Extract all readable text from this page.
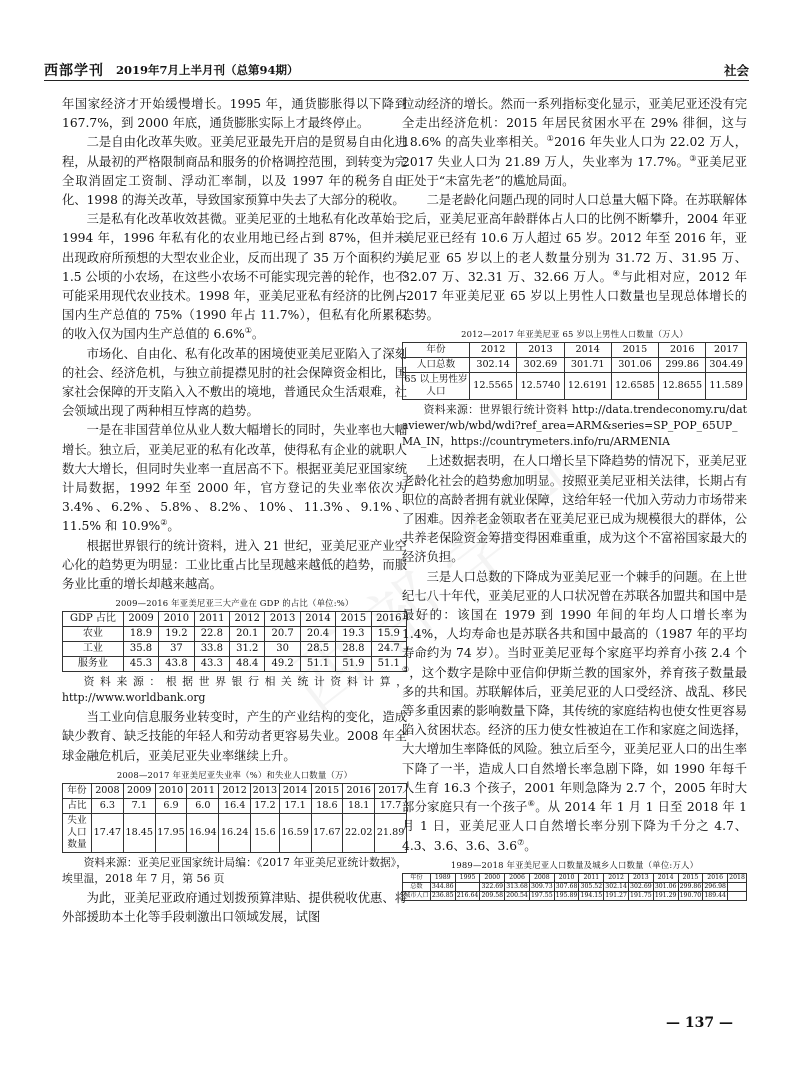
西部学刊 2019年7月上半月刊（总第94期）	社会

年国家经济才开始缓慢增长。1995 年，通货膨胀得以下降到 167.7%，到 2000 年底，通货膨胀实际上才最终停止。

二是自由化改革失败。亚美尼亚最先开启的是贸易自由化进程，从最初的严格限制商品和服务的价格调控范围，到转变为完全取消固定工资制、浮动汇率制，以及 1997 年的税务自由化、1998 的海关改革，导致国家预算中失去了大部分的税收。

三是私有化改革收效甚微。亚美尼亚的土地私有化改革始于 1994 年，1996 年私有化的农业用地已经占到 87%，但并未出现政府所预想的大型农业企业，反而出现了 35 万个面积约为 1.5 公顷的小农场，在这些小农场不可能实现完善的轮作，也不可能采用现代农业技术。1998 年，亚美尼亚私有经济的比例占国内生产总值的 75%（1990 年占 11.7%），但私有化所累积的收入仅为国内生产总值的 6.6%①。

市场化、自由化、私有化改革的困境使亚美尼亚陷入了深刻的社会、经济危机，与独立前提襟见肘的社会保障资金相比，国家社会保障的开支陷入入不敷出的境地，普通民众生活艰难，社会领域出现了两种相互悖离的趋势。

一是在非国营单位从业人数大幅增长的同时，失业率也大幅增长。独立后，亚美尼亚的私有化改革，使得私有企业的就职人数大大增长，但同时失业率一直居高不下。根据亚美尼亚国家统计局数据，1992 年至 2000 年，官方登记的失业率依次为 3.4%、6.2%、5.8%、8.2%、10%、11.3%、9.1%、11.5% 和 10.9%②。

根据世界银行的统计资料，进入 21 世纪，亚美尼亚产业空心化的趋势更为明显：工业比重占比呈现越来越低的趋势，而服务业比重的增长却越来越高。

2009—2016 年亚美尼亚三大产业在 GDP 的占比（单位:%）
GDP 占比	2009	2010	2011	2012	2013	2014	2015	2016
农业	18.9	19.2	22.8	20.1	20.7	20.4	19.3	15.9
工业	35.8	37	33.8	31.2	30	28.5	28.8	24.7
服务业	45.3	43.8	43.3	48.4	49.2	51.1	51.9	51.1
资料来源：根据世界银行相关统计资料计算，http://www.worldbank.org

当工业向信息服务业转变时，产生的产业结构的变化，造成缺少教育、缺乏技能的年轻人和劳动者更容易失业。2008 年全球金融危机后，亚美尼亚失业率继续上升。

2008—2017 年亚美尼亚失业率（%）和失业人口数量（万）
年份	2008	2009	2010	2011	2012	2013	2014	2015	2016	2017
占比	6.3	7.1	6.9	6.0	16.4	17.2	17.1	18.6	18.1	17.7
失业人口数量	17.47	18.45	17.95	16.94	16.24	15.6	16.59	17.67	22.02	21.89
资料来源：亚美尼亚国家统计局编：《2017 年亚美尼亚统计数据》，埃里温，2018 年 7 月，第 56 页

为此，亚美尼亚政府通过划拨预算津贴、提供税收优惠、将外部援助本土化等手段刺激出口领域发展，试图

拉动经济的增长。然而一系列指标变化显示，亚美尼亚还没有完全走出经济危机：2015 年居民贫困水平在 29% 徘徊，这与 18.6% 的高失业率相关。①2016 年失业人口为 22.02 万人，2017 失业人口为 21.89 万人，失业率为 17.7%。③亚美尼亚正处于“未富先老”的尴尬局面。

二是老龄化问题凸现的同时人口总量大幅下降。在苏联解体之后，亚美尼亚高年龄群体占人口的比例不断攀升，2004 年亚美尼亚已经有 10.6 万人超过 65 岁。2012 年至 2016 年，亚美尼亚 65 岁以上的老人数量分别为 31.72 万、31.95 万、32.07 万、32.31 万、32.66 万人。④与此相对应，2012 年 -2017 年亚美尼亚 65 岁以上男性人口数量也呈现总体增长的态势。

2012—2017 年亚美尼亚 65 岁以上男性人口数量（万人）
年份	2012	2013	2014	2015	2016	2017
人口总数	302.14	302.69	301.71	301.06	299.86	304.49
65 以上男性岁人口	12.5565	12.5740	12.6191	12.6585	12.8655	11.589
资料来源：世界银行统计资料 http://data.trendeconomy.ru/dataviewer/wb/wbd/wdi?ref_area=ARM&series=SP_POP_65UP_MA_IN，https://countrymeters.info/ru/ARMENIA

上述数据表明，在人口增长呈下降趋势的情况下，亚美尼亚老龄化社会的趋势愈加明显。按照亚美尼亚相关法律，长期占有职位的高龄者拥有就业保障，这给年轻一代加入劳动力市场带来了困难。因养老金领取者在亚美尼亚已成为规模很大的群体，公共养老保险资金筹措变得困难重重，成为这个不富裕国家最大的经济负担。

三是人口总数的下降成为亚美尼亚一个棘手的问题。在上世纪七八十年代，亚美尼亚的人口状况曾在苏联各加盟共和国中是最好的：该国在 1979 到 1990 年间的年均人口增长率为 1.4%，人均寿命也是苏联各共和国中最高的（1987 年的平均寿命约为 74 岁）。当时亚美尼亚每个家庭平均养育小孩 2.4 个⑤，这个数字是除中亚信仰伊斯兰教的国家外，养育孩子数量最多的共和国。苏联解体后，亚美尼亚的人口受经济、战乱、移民等多重因素的影响数量下降，其传统的家庭结构也使女性更容易陷入贫困状态。经济的压力使女性被迫在工作和家庭之间选择，大大增加生率降低的风险。独立后至今，亚美尼亚人口的出生率下降了一半，造成人口自然增长率急剧下降，如 1990 年每千人生育 16.3 个孩子，2001 年则急降为 2.7 个，2005 年时大部分家庭只有一个孩子⑥。从 2014 年 1 月 1 日至 2018 年 1 月 1 日，亚美尼亚人口自然增长率分别下降为千分之 4.7、4.3、3.6、3.6、3.6⑦。

1989—2018 年亚美尼亚人口数量及城乡人口数量（单位:万人）
年份	1989	1995	2000	2006	2008	2010	2011	2012	2013	2014	2015	2016	2018
总数	344.86		322.69	313.68	309.73	307.68	305.52	302.14	302.69	301.06	299.86	296.98	
城市人口	236.85	216.64	209.58	200.54	197.55	195.89	194.15	191.27	191.75	191.29	190.70	189.44	
— 137 —
